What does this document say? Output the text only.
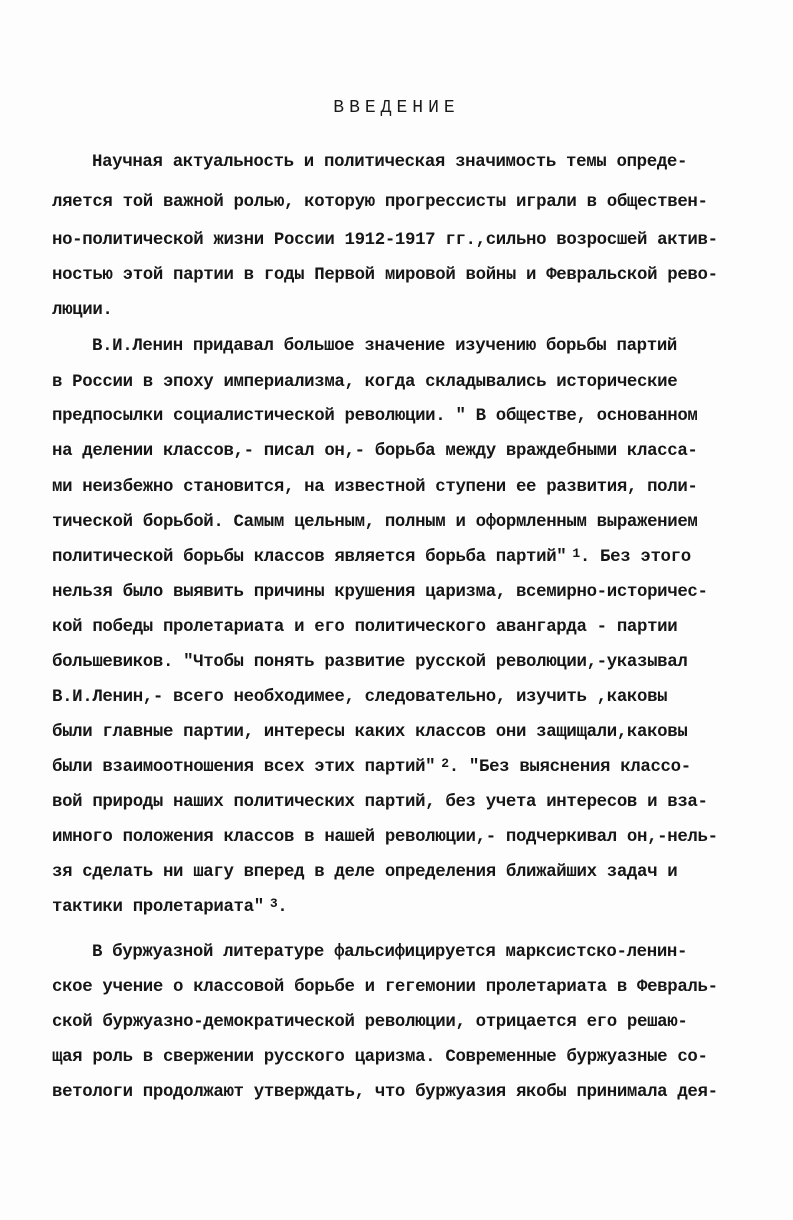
ВВЕДЕНИЕ
Научная актуальность и политическая значимость темы опреде-
ляется той важной ролью, которую прогрессисты играли в обществен-
но-политической жизни России 1912-1917 гг.,сильно возросшей актив-
ностью этой партии в годы Первой мировой войны и Февральской рево-
люции.
В.И.Ленин придавал большое значение изучению борьбы партий
в России в эпоху империализма, когда складывались исторические
предпосылки социалистической революции. " В обществе, основанном
на делении классов,- писал он,- борьба между враждебными класса-
ми неизбежно становится, на известной ступени ее развития, поли-
тической борьбой. Самым цельным, полным и оформленным выражением
политической борьбы классов является борьба партий" $^1$. Без этого
нельзя было выявить причины крушения царизма, всемирно-историчес-
кой победы пролетариата и его политического авангарда - партии
большевиков. "Чтобы понять развитие русской революции,-указывал
В.И.Ленин,- всего необходимее, следовательно, изучить ,каковы
были главные партии, интересы каких классов они защищали,каковы
были взаимоотношения всех этих партий" $^2$. "Без выяснения классо-
вой природы наших политических партий, без учета интересов и вза-
имного положения классов в нашей революции,- подчеркивал он,-нель-
зя сделать ни шагу вперед в деле определения ближайших задач и
тактики пролетариата" $^3$.
В буржуазной литературе фальсифицируется марксистско-ленин-
ское учение о классовой борьбе и гегемонии пролетариата в Февраль-
ской буржуазно-демократической революции, отрицается его решаю-
щая роль в свержении русского царизма. Современные буржуазные со-
ветологи продолжают утверждать, что буржуазия якобы принимала дея-
